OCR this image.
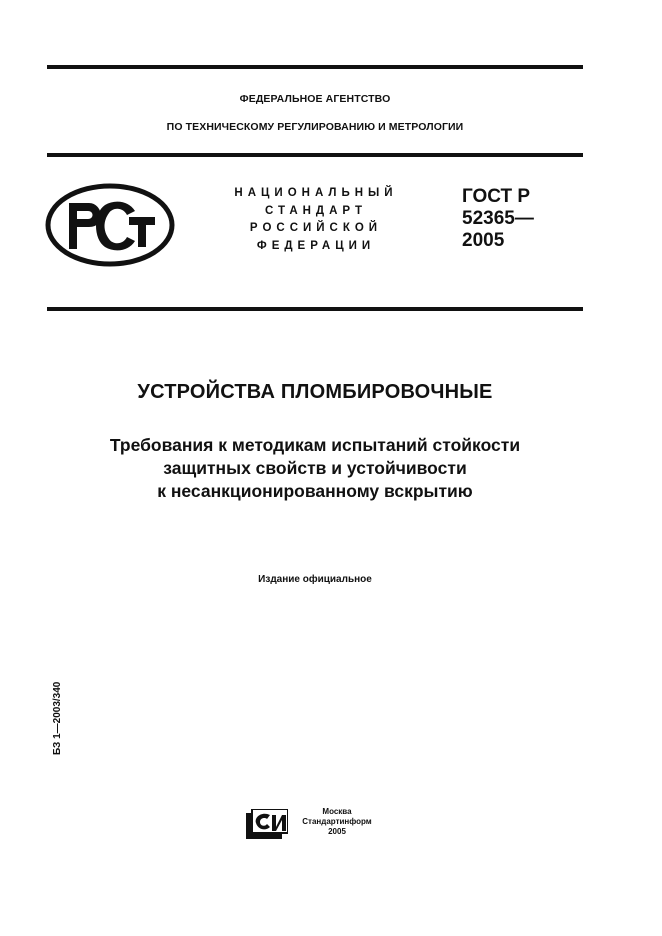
ФЕДЕРАЛЬНОЕ АГЕНТСТВО
ПО ТЕХНИЧЕСКОМУ РЕГУЛИРОВАНИЮ И МЕТРОЛОГИИ
НАЦИОНАЛЬНЫЙ
СТАНДАРТ
РОССИЙСКОЙ
ФЕДЕРАЦИИ
ГОСТ Р
52365—
2005
УСТРОЙСТВА ПЛОМБИРОВОЧНЫЕ
Требования к методикам испытаний стойкости
защитных свойств и устойчивости
к несанкционированному вскрытию
Издание официальное
БЗ 1—2003/340
Москва
Стандартинформ
2005
